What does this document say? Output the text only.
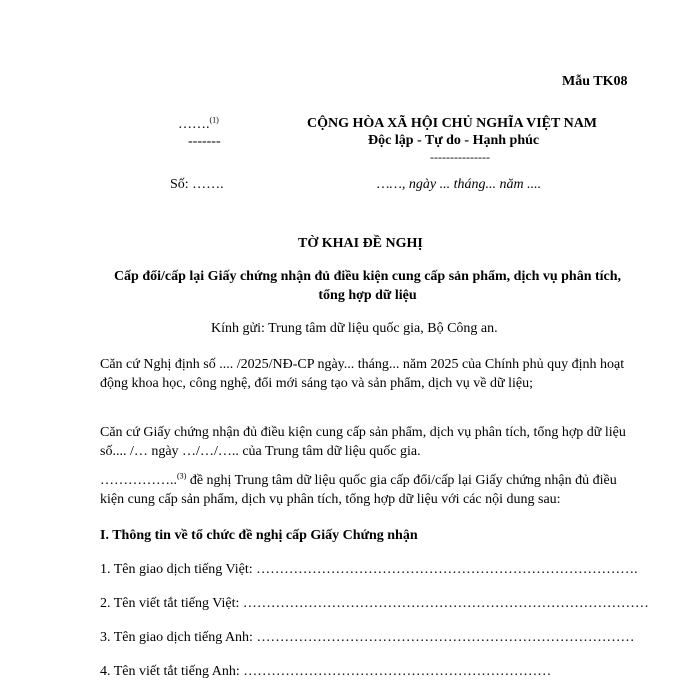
Mẫu TK08
…….$^{(1)}$
-------
Số: …….
CỘNG HÒA XÃ HỘI CHỦ NGHĨA VIỆT NAM
Độc lập - Tự do - Hạnh phúc
---------------
……, ngày ... tháng... năm ....
TỜ KHAI ĐỀ NGHỊ
Cấp đổi/cấp lại Giấy chứng nhận đủ điều kiện cung cấp sản phẩm, dịch vụ phân tích, tổng hợp dữ liệu
Kính gửi: Trung tâm dữ liệu quốc gia, Bộ Công an.
Căn cứ Nghị định số .... /2025/NĐ-CP ngày... tháng... năm 2025 của Chính phủ quy định hoạt động khoa học, công nghệ, đổi mới sáng tạo và sản phẩm, dịch vụ về dữ liệu;
Căn cứ Giấy chứng nhận đủ điều kiện cung cấp sản phẩm, dịch vụ phân tích, tổng hợp dữ liệu số.... /… ngày …/…/….. của Trung tâm dữ liệu quốc gia.
……………..$^{(3)}$ đề nghị Trung tâm dữ liệu quốc gia cấp đổi/cấp lại Giấy chứng nhận đủ điều kiện cung cấp sản phẩm, dịch vụ phân tích, tổng hợp dữ liệu với các nội dung sau:
I. Thông tin về tổ chức đề nghị cấp Giấy Chứng nhận
1. Tên giao dịch tiếng Việt: ……………………………………………………………………….
2. Tên viết tắt tiếng Việt: ……………………………………………………………………………
3. Tên giao dịch tiếng Anh: ………………………………………………………………………
4. Tên viết tắt tiếng Anh: …………………………………………………………
